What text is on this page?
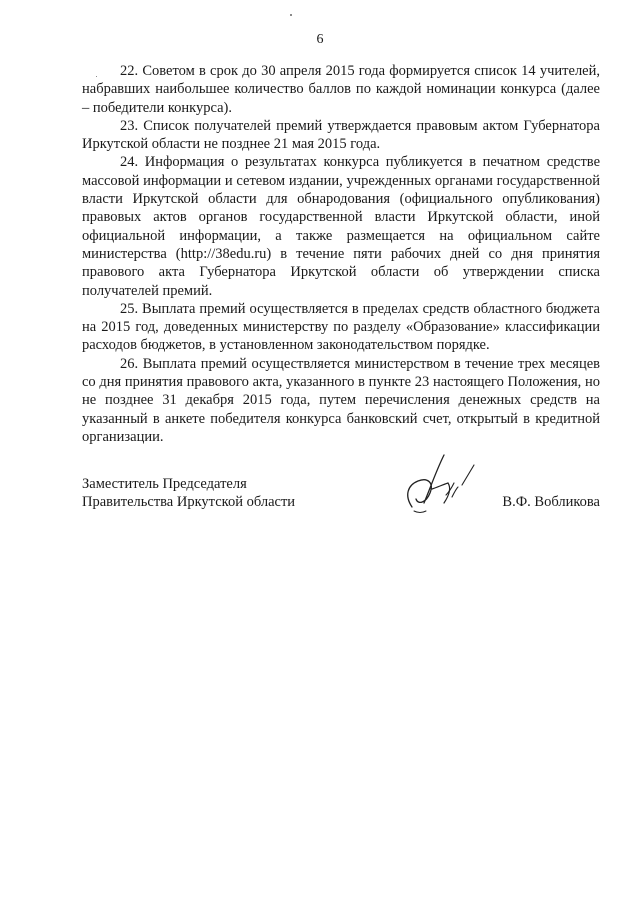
6

22. Советом в срок до 30 апреля 2015 года формируется список 14 учителей, набравших наибольшее количество баллов по каждой номинации конкурса (далее – победители конкурса).

23. Список получателей премий утверждается правовым актом Губернатора Иркутской области не позднее 21 мая 2015 года.

24. Информация о результатах конкурса публикуется в печатном средстве массовой информации и сетевом издании, учрежденных органами государственной власти Иркутской области для обнародования (официального опубликования) правовых актов органов государственной власти Иркутской области, иной официальной информации, а также размещается на официальном сайте министерства (http://38edu.ru) в течение пяти рабочих дней со дня принятия правового акта Губернатора Иркутской области об утверждении списка получателей премий.

25. Выплата премий осуществляется в пределах средств областного бюджета на 2015 год, доведенных министерству по разделу «Образование» классификации расходов бюджетов, в установленном законодательством порядке.

26. Выплата премий осуществляется министерством в течение трех месяцев со дня принятия правового акта, указанного в пункте 23 настоящего Положения, но не позднее 31 декабря 2015 года, путем перечисления денежных средств на указанный в анкете победителя конкурса банковский счет, открытый в кредитной организации.

Заместитель Председателя
Правительства Иркутской области	В.Ф. Вобликова
